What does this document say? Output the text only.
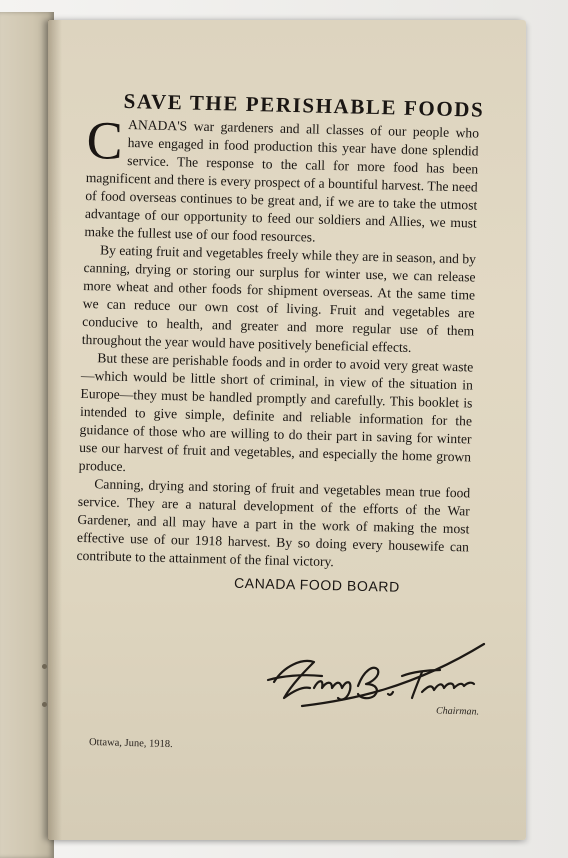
SAVE THE PERISHABLE FOODS

CANADA'S war gardeners and all classes of our people who have engaged in food production this year have done splendid service. The response to the call for more food has been magnificent and there is every prospect of a bountiful harvest. The need of food overseas continues to be great and, if we are to take the utmost advantage of our opportunity to feed our soldiers and Allies, we must make the fullest use of our food resources.

By eating fruit and vegetables freely while they are in season, and by canning, drying or storing our surplus for winter use, we can release more wheat and other foods for shipment overseas. At the same time we can reduce our own cost of living. Fruit and vegetables are conducive to health, and greater and more regular use of them throughout the year would have positively beneficial effects.

But these are perishable foods and in order to avoid very great waste—which would be little short of criminal, in view of the situation in Europe—they must be handled promptly and carefully. This booklet is intended to give simple, definite and reliable information for the guidance of those who are willing to do their part in saving for winter use our harvest of fruit and vegetables, and especially the home grown produce.

Canning, drying and storing of fruit and vegetables mean true food service. They are a natural development of the efforts of the War Gardener, and all may have a part in the work of making the most effective use of our 1918 harvest. By so doing every housewife can contribute to the attainment of the final victory.

CANADA FOOD BOARD
Chairman.
Ottawa, June, 1918.
